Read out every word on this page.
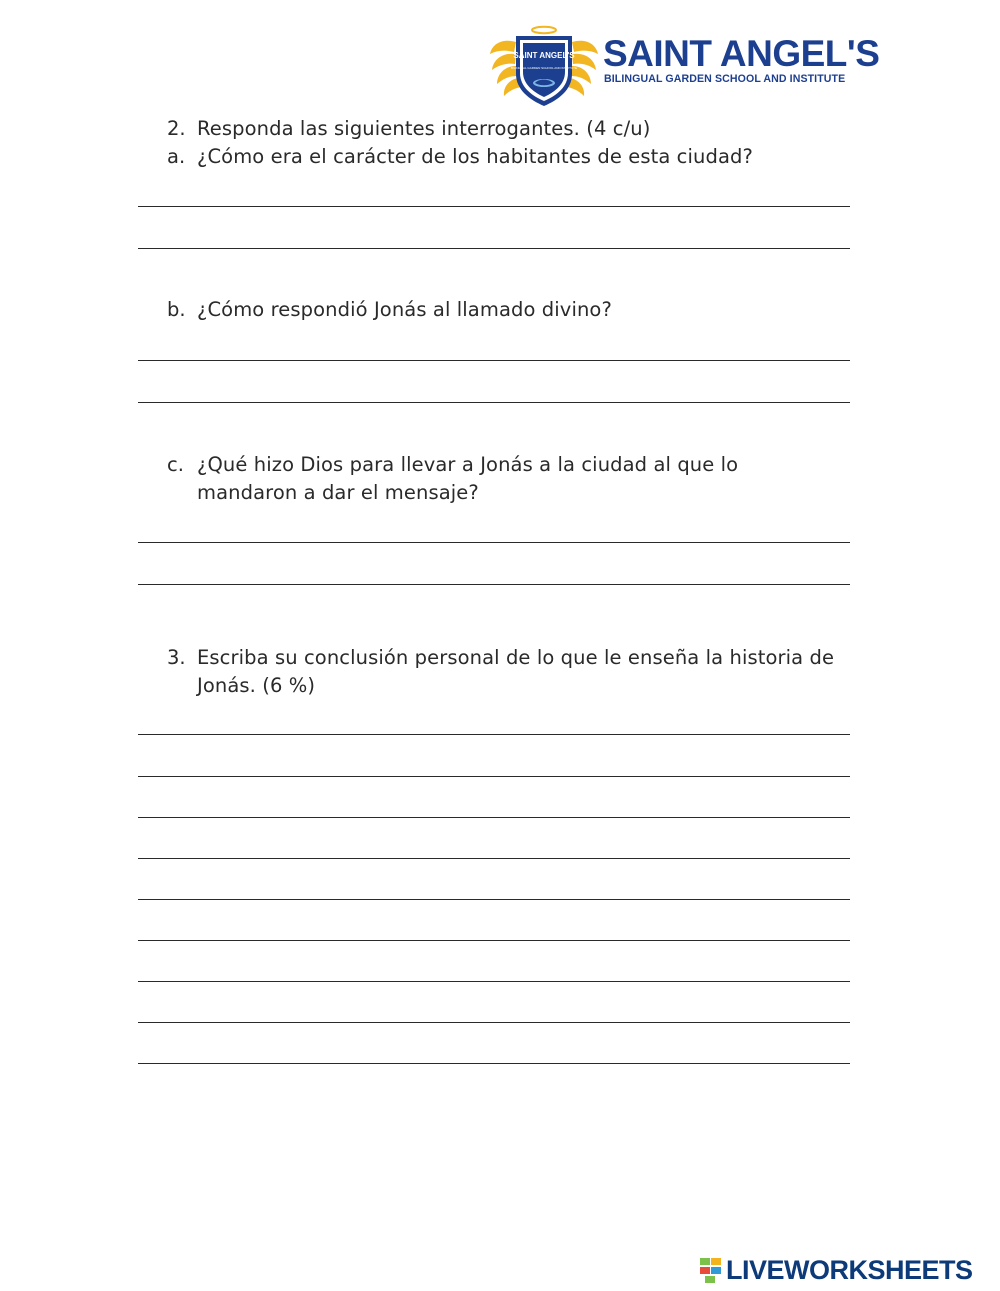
SAINT ANGEL'S
BILINGUAL GARDEN SCHOOL AND INSTITUTE SAINT ANGEL'S
BILINGUAL GARDEN SCHOOL AND INSTITUTE
2. Responda las siguientes interrogantes. (4 c/u)
a. ¿Cómo era el carácter de los habitantes de esta ciudad?
b. ¿Cómo respondió Jonás al llamado divino?
c. ¿Qué hizo Dios para llevar a Jonás a la ciudad al que lo
mandaron a dar el mensaje?
3. Escriba su conclusión personal de lo que le enseña la historia de
Jonás. (6 %)
LIVEWORKSHEETS
